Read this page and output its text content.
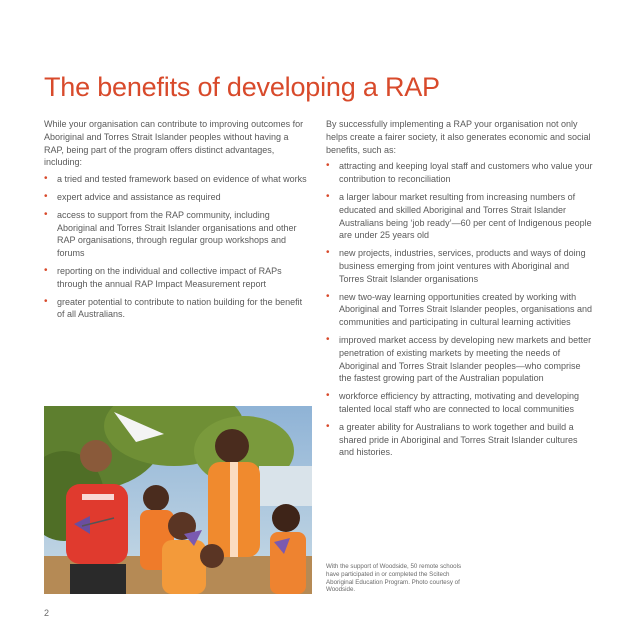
The benefits of developing a RAP

While your organisation can contribute to improving outcomes for Aboriginal and Torres Strait Islander peoples without having a RAP, being part of the program offers distinct advantages, including:

• a tried and tested framework based on evidence of what works
• expert advice and assistance as required
• access to support from the RAP community, including Aboriginal and Torres Strait Islander organisations and other RAP organisations, through regular group workshops and forums
• reporting on the individual and collective impact of RAPs through the annual RAP Impact Measurement report
• greater potential to contribute to nation building for the benefit of all Australians.

By successfully implementing a RAP your organisation not only helps create a fairer society, it also generates economic and social benefits, such as:

• attracting and keeping loyal staff and customers who value your contribution to reconciliation
• a larger labour market resulting from increasing numbers of educated and skilled Aboriginal and Torres Strait Islander Australians being ‘job ready’—60 per cent of Indigenous people are under 25 years old
• new projects, industries, services, products and ways of doing business emerging from joint ventures with Aboriginal and Torres Strait Islander organisations
• new two-way learning opportunities created by working with Aboriginal and Torres Strait Islander peoples, organisations and communities and participating in cultural learning activities
• improved market access by developing new markets and better penetration of existing markets by meeting the needs of Aboriginal and Torres Strait Islander peoples—who comprise the fastest growing part of the Australian population
• workforce efficiency by attracting, motivating and developing talented local staff who are connected to local communities
• a greater ability for Australians to work together and build a shared pride in Aboriginal and Torres Strait Islander cultures and histories.
With the support of Woodside, 50 remote schools have participated in or completed the Scitech Aboriginal Education Program. Photo courtesy of Woodside.
2
